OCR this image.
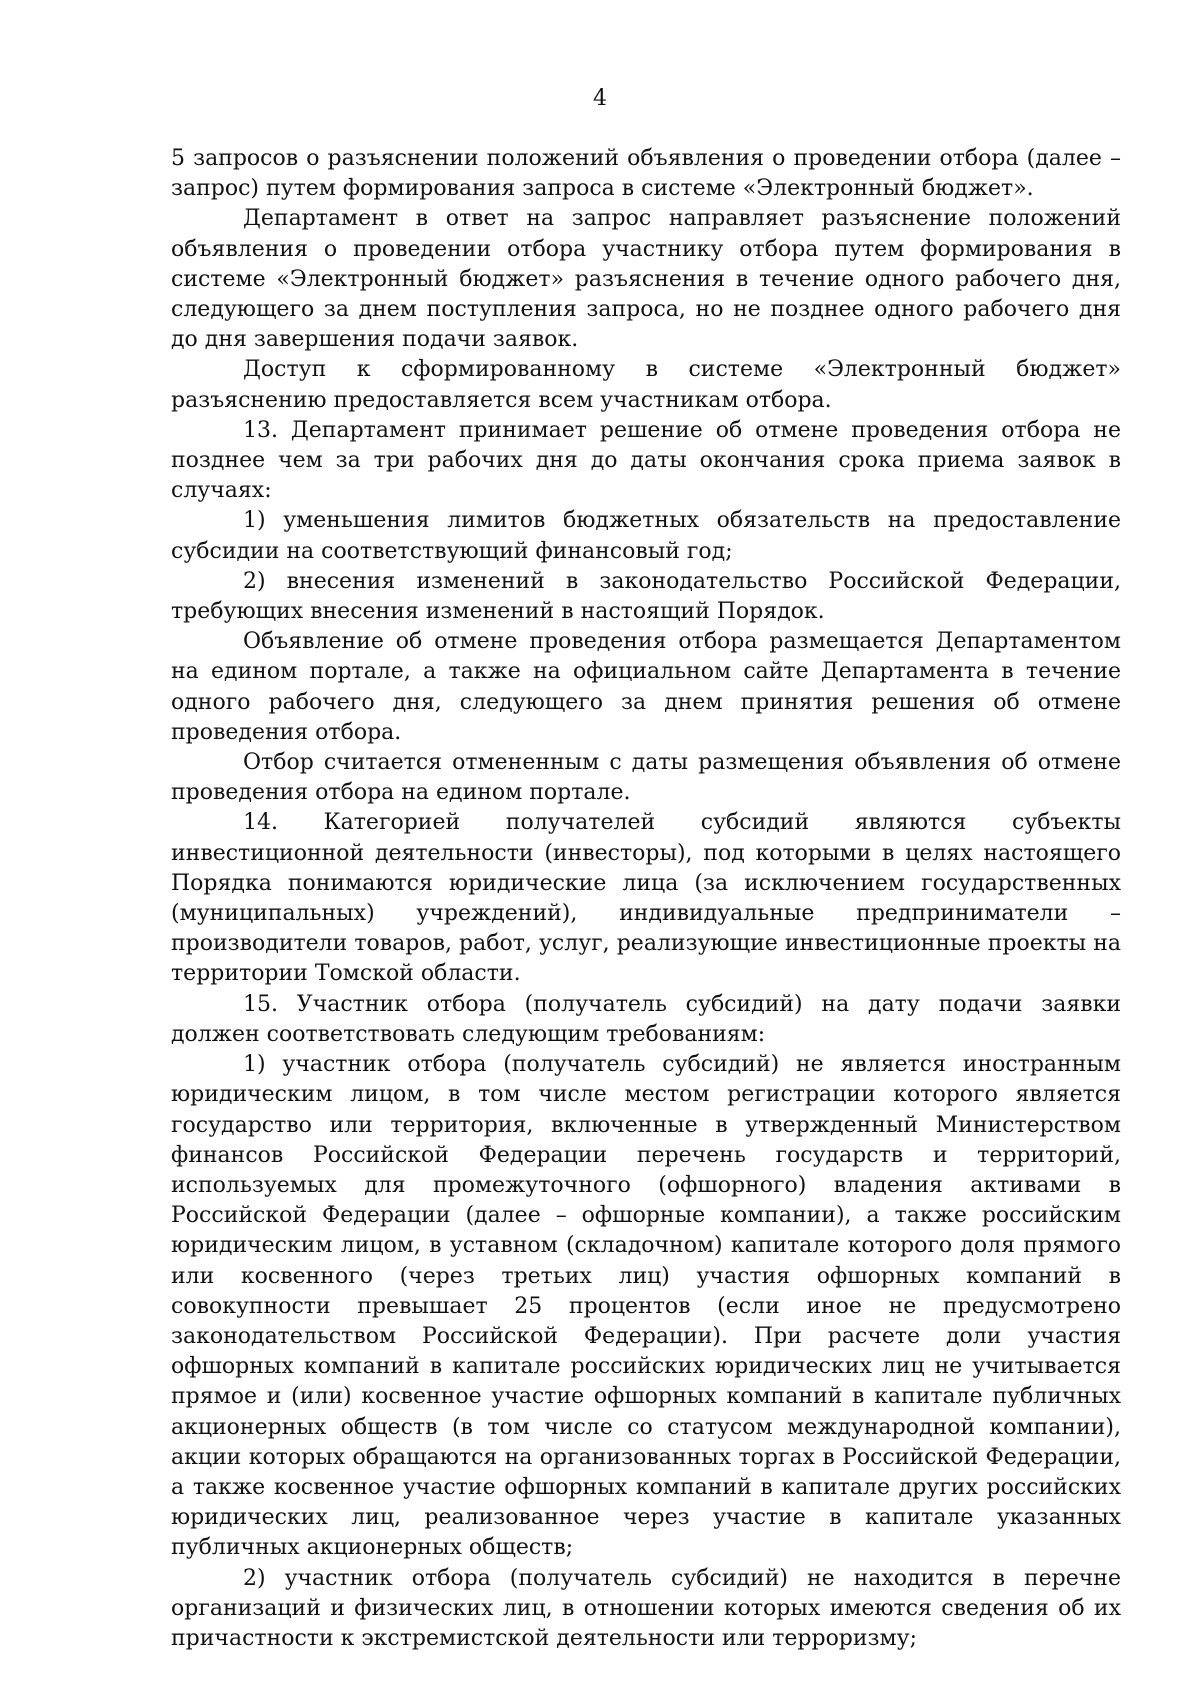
4

5 запросов о разъяснении положений объявления о проведении отбора (далее – запрос) путем формирования запроса в системе «Электронный бюджет».

Департамент в ответ на запрос направляет разъяснение положений объявления о проведении отбора участнику отбора путем формирования в системе «Электронный бюджет» разъяснения в течение одного рабочего дня, следующего за днем поступления запроса, но не позднее одного рабочего дня до дня завершения подачи заявок.

Доступ к сформированному в системе «Электронный бюджет» разъяснению предоставляется всем участникам отбора.

13. Департамент принимает решение об отмене проведения отбора не позднее чем за три рабочих дня до даты окончания срока приема заявок в случаях:

1) уменьшения лимитов бюджетных обязательств на предоставление субсидии на соответствующий финансовый год;

2) внесения изменений в законодательство Российской Федерации, требующих внесения изменений в настоящий Порядок.

Объявление об отмене проведения отбора размещается Департаментом на едином портале, а также на официальном сайте Департамента в течение одного рабочего дня, следующего за днем принятия решения об отмене проведения отбора.

Отбор считается отмененным с даты размещения объявления об отмене проведения отбора на едином портале.

14. Категорией получателей субсидий являются субъекты инвестиционной деятельности (инвесторы), под которыми в целях настоящего Порядка понимаются юридические лица (за исключением государственных (муниципальных) учреждений), индивидуальные предприниматели – производители товаров, работ, услуг, реализующие инвестиционные проекты на территории Томской области.

15. Участник отбора (получатель субсидий) на дату подачи заявки должен соответствовать следующим требованиям:

1) участник отбора (получатель субсидий) не является иностранным юридическим лицом, в том числе местом регистрации которого является государство или территория, включенные в утвержденный Министерством финансов Российской Федерации перечень государств и территорий, используемых для промежуточного (офшорного) владения активами в Российской Федерации (далее – офшорные компании), а также российским юридическим лицом, в уставном (складочном) капитале которого доля прямого или косвенного (через третьих лиц) участия офшорных компаний в совокупности превышает 25 процентов (если иное не предусмотрено законодательством Российской Федерации). При расчете доли участия офшорных компаний в капитале российских юридических лиц не учитывается прямое и (или) косвенное участие офшорных компаний в капитале публичных акционерных обществ (в том числе со статусом международной компании), акции которых обращаются на организованных торгах в Российской Федерации, а также косвенное участие офшорных компаний в капитале других российских юридических лиц, реализованное через участие в капитале указанных публичных акционерных обществ;

2) участник отбора (получатель субсидий) не находится в перечне организаций и физических лиц, в отношении которых имеются сведения об их причастности к экстремистской деятельности или терроризму;
